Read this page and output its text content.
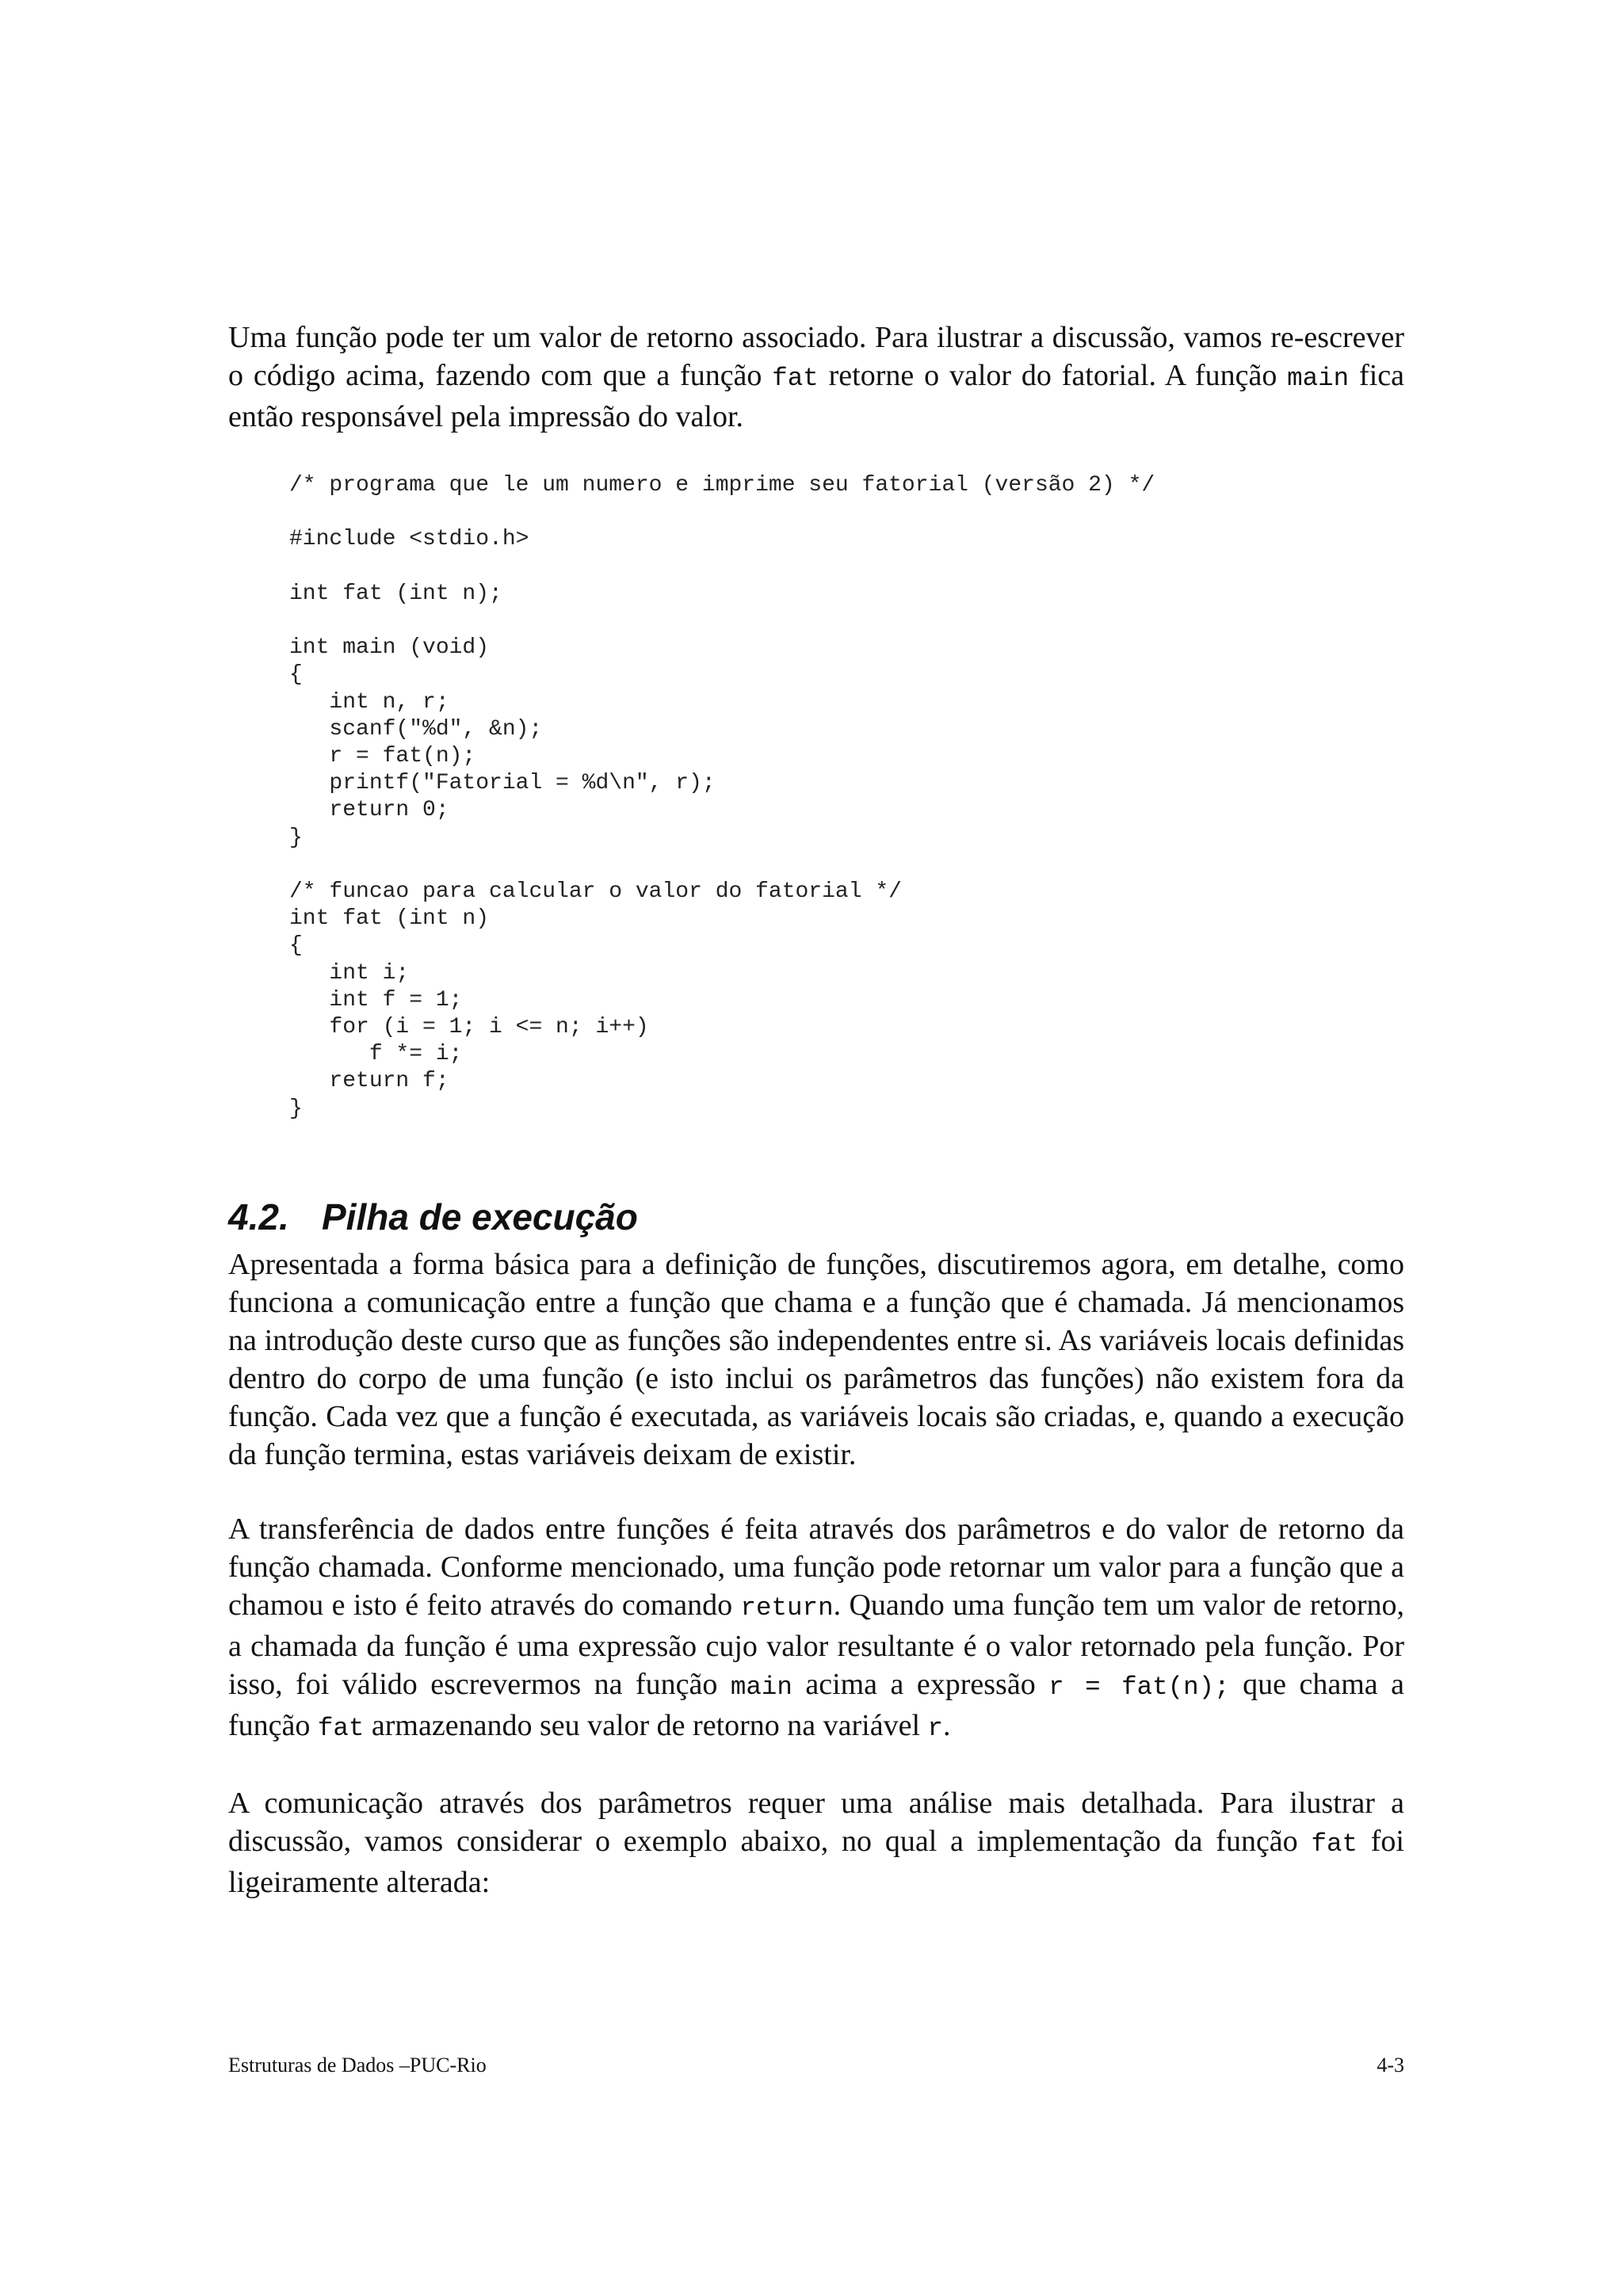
Uma função pode ter um valor de retorno associado. Para ilustrar a discussão, vamos re-escrever o código acima, fazendo com que a função fat retorne o valor do fatorial. A função main fica então responsável pela impressão do valor.

/* programa que le um numero e imprime seu fatorial (versão 2) */

#include <stdio.h>

int fat (int n);

int main (void)
{
int n, r;
scanf("%d", &n);
r = fat(n);
printf("Fatorial = %d\n", r);
return 0;
}

/* funcao para calcular o valor do fatorial */
int fat (int n)
{
int i;
int f = 1;
for (i = 1; i <= n; i++)
f *= i;
return f;
}
4.2. Pilha de execução

Apresentada a forma básica para a definição de funções, discutiremos agora, em detalhe, como funciona a comunicação entre a função que chama e a função que é chamada. Já mencionamos na introdução deste curso que as funções são independentes entre si. As variáveis locais definidas dentro do corpo de uma função (e isto inclui os parâmetros das funções) não existem fora da função. Cada vez que a função é executada, as variáveis locais são criadas, e, quando a execução da função termina, estas variáveis deixam de existir.

A transferência de dados entre funções é feita através dos parâmetros e do valor de retorno da função chamada. Conforme mencionado, uma função pode retornar um valor para a função que a chamou e isto é feito através do comando return. Quando uma função tem um valor de retorno, a chamada da função é uma expressão cujo valor resultante é o valor retornado pela função. Por isso, foi válido escrevermos na função main acima a expressão r = fat(n); que chama a função fat armazenando seu valor de retorno na variável r.

A comunicação através dos parâmetros requer uma análise mais detalhada. Para ilustrar a discussão, vamos considerar o exemplo abaixo, no qual a implementação da função fat foi ligeiramente alterada:

Estruturas de Dados –PUC-Rio	4-3
